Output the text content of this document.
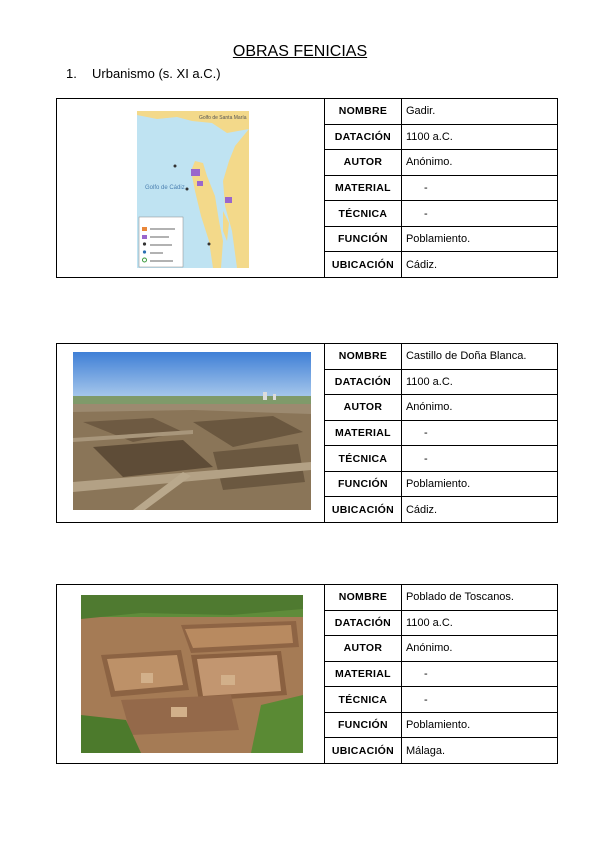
OBRAS FENICIAS
1. Urbanismo (s. XI a.C.)
Golfo de Santa María
Golfo de Cádiz
NOMBRE	Gadir.
DATACIÓN	1100 a.C.
AUTOR	Anónimo.
MATERIAL	-
TÉCNICA	-
FUNCIÓN	Poblamiento.
UBICACIÓN	Cádiz.
NOMBRE	Castillo de Doña Blanca.
DATACIÓN	1100 a.C.
AUTOR	Anónimo.
MATERIAL	-
TÉCNICA	-
FUNCIÓN	Poblamiento.
UBICACIÓN	Cádiz.
NOMBRE	Poblado de Toscanos.
DATACIÓN	1100 a.C.
AUTOR	Anónimo.
MATERIAL	-
TÉCNICA	-
FUNCIÓN	Poblamiento.
UBICACIÓN	Málaga.
